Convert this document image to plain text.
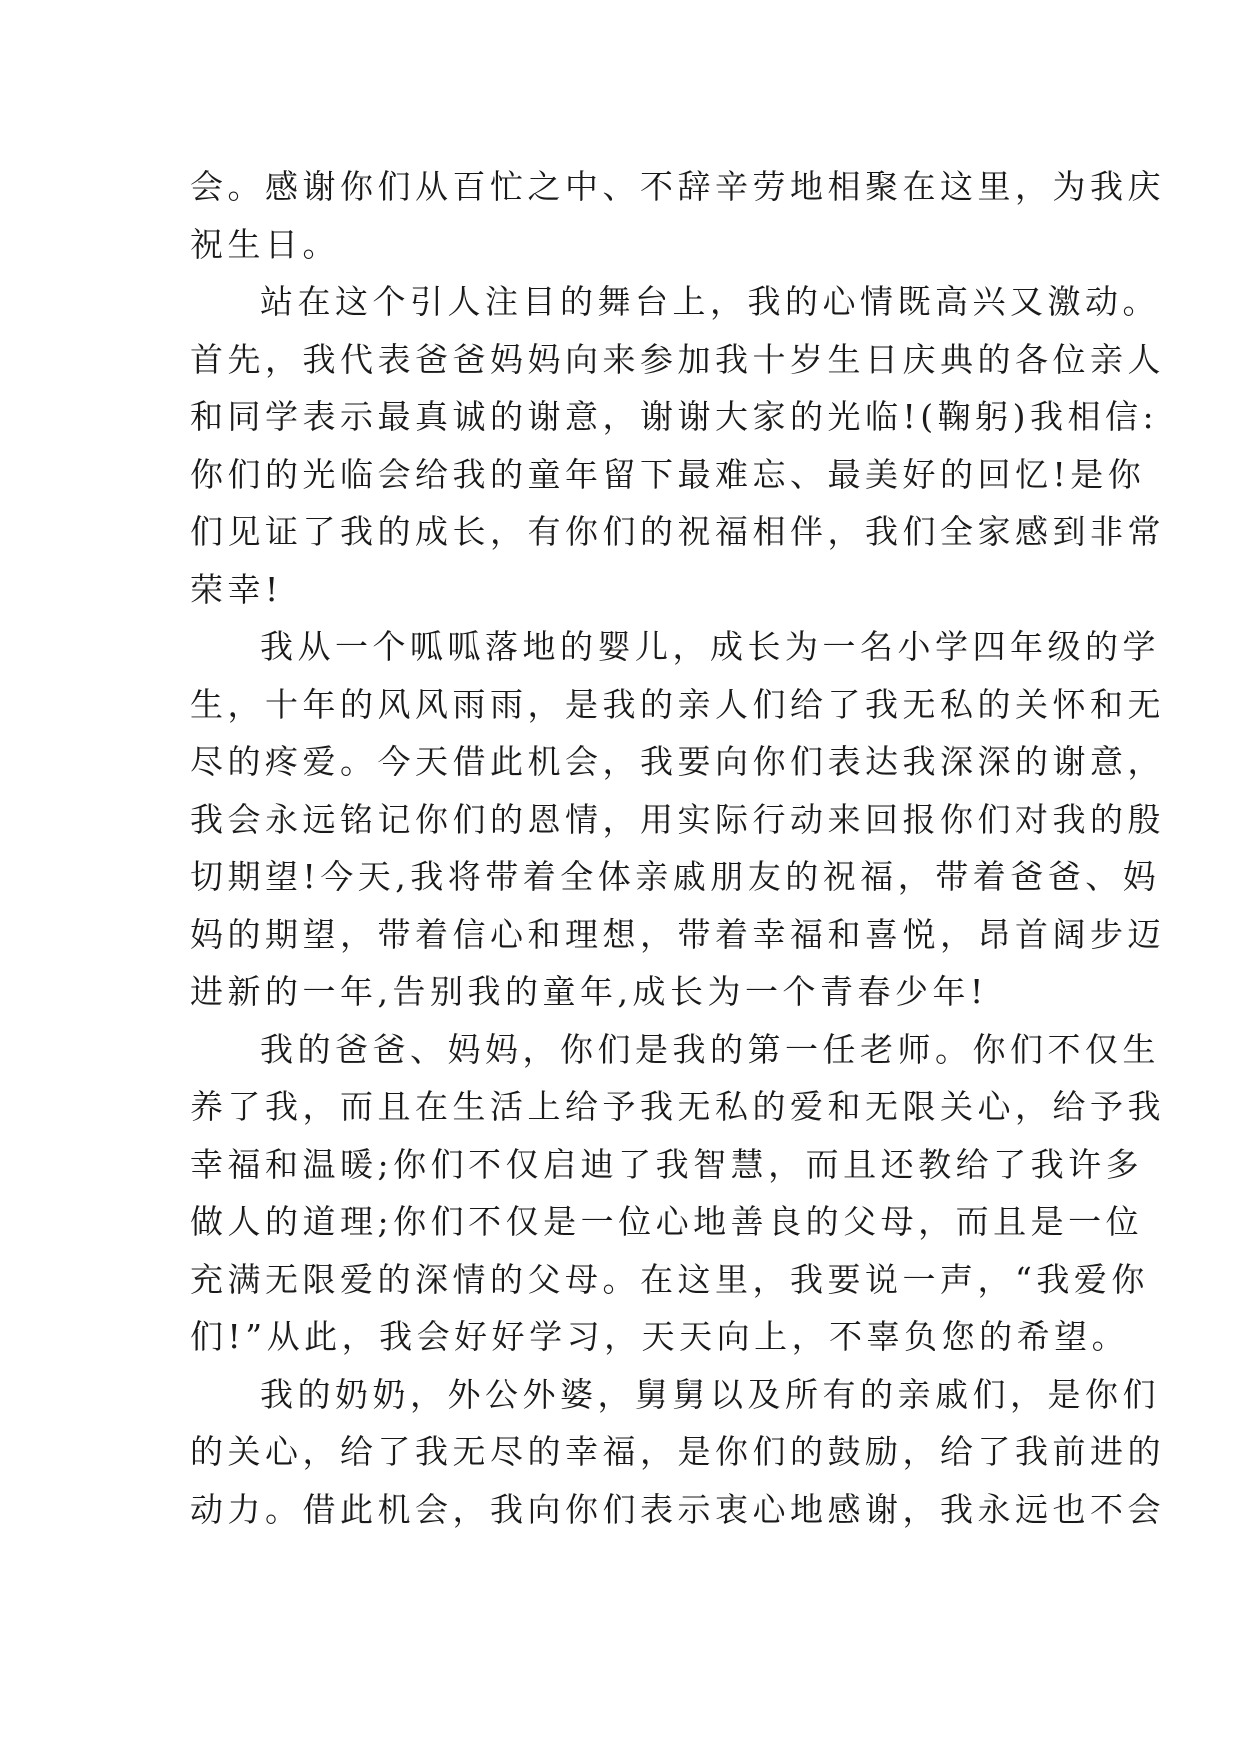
会。感谢你们从百忙之中、不辞辛劳地相聚在这里，为我庆
祝生日。
站在这个引人注目的舞台上，我的心情既高兴又激动。
首先，我代表爸爸妈妈向来参加我十岁生日庆典的各位亲人
和同学表示最真诚的谢意，谢谢大家的光临!(鞠躬)我相信:
你们的光临会给我的童年留下最难忘、最美好的回忆!是你
们见证了我的成长，有你们的祝福相伴，我们全家感到非常
荣幸!
我从一个呱呱落地的婴儿，成长为一名小学四年级的学
生，十年的风风雨雨，是我的亲人们给了我无私的关怀和无
尽的疼爱。今天借此机会，我要向你们表达我深深的谢意，
我会永远铭记你们的恩情，用实际行动来回报你们对我的殷
切期望!今天,我将带着全体亲戚朋友的祝福，带着爸爸、妈
妈的期望，带着信心和理想，带着幸福和喜悦，昂首阔步迈
进新的一年,告别我的童年,成长为一个青春少年!
我的爸爸、妈妈，你们是我的第一任老师。你们不仅生
养了我，而且在生活上给予我无私的爱和无限关心，给予我
幸福和温暖;你们不仅启迪了我智慧，而且还教给了我许多
做人的道理;你们不仅是一位心地善良的父母，而且是一位
充满无限爱的深情的父母。在这里，我要说一声，“我爱你
们!”从此，我会好好学习，天天向上，不辜负您的希望。
我的奶奶，外公外婆，舅舅以及所有的亲戚们，是你们
的关心，给了我无尽的幸福，是你们的鼓励，给了我前进的
动力。借此机会，我向你们表示衷心地感谢，我永远也不会
